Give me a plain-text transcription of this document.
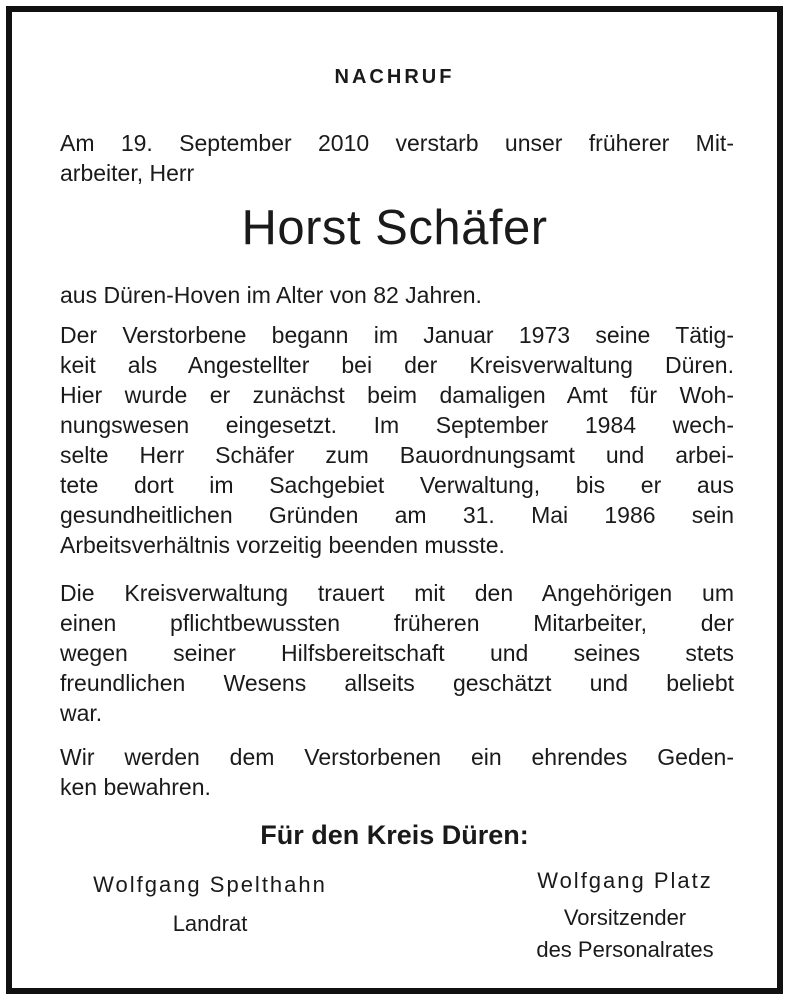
NACHRUF
Am 19. September 2010 verstarb unser früherer Mit-
arbeiter, Herr
Horst Schäfer
aus Düren-Hoven im Alter von 82 Jahren.
Der Verstorbene begann im Januar 1973 seine Tätig-
keit als Angestellter bei der Kreisverwaltung Düren.
Hier wurde er zunächst beim damaligen Amt für Woh-
nungswesen eingesetzt. Im September 1984 wech-
selte Herr Schäfer zum Bauordnungsamt und arbei-
tete dort im Sachgebiet Verwaltung, bis er aus
gesundheitlichen Gründen am 31. Mai 1986 sein
Arbeitsverhältnis vorzeitig beenden musste.
Die Kreisverwaltung trauert mit den Angehörigen um
einen pflichtbewussten früheren Mitarbeiter, der
wegen seiner Hilfsbereitschaft und seines stets
freundlichen Wesens allseits geschätzt und beliebt
war.
Wir werden dem Verstorbenen ein ehrendes Geden-
ken bewahren.
Für den Kreis Düren:
Wolfgang Spelthahn
Landrat
Wolfgang Platz
Vorsitzender
des Personalrates
